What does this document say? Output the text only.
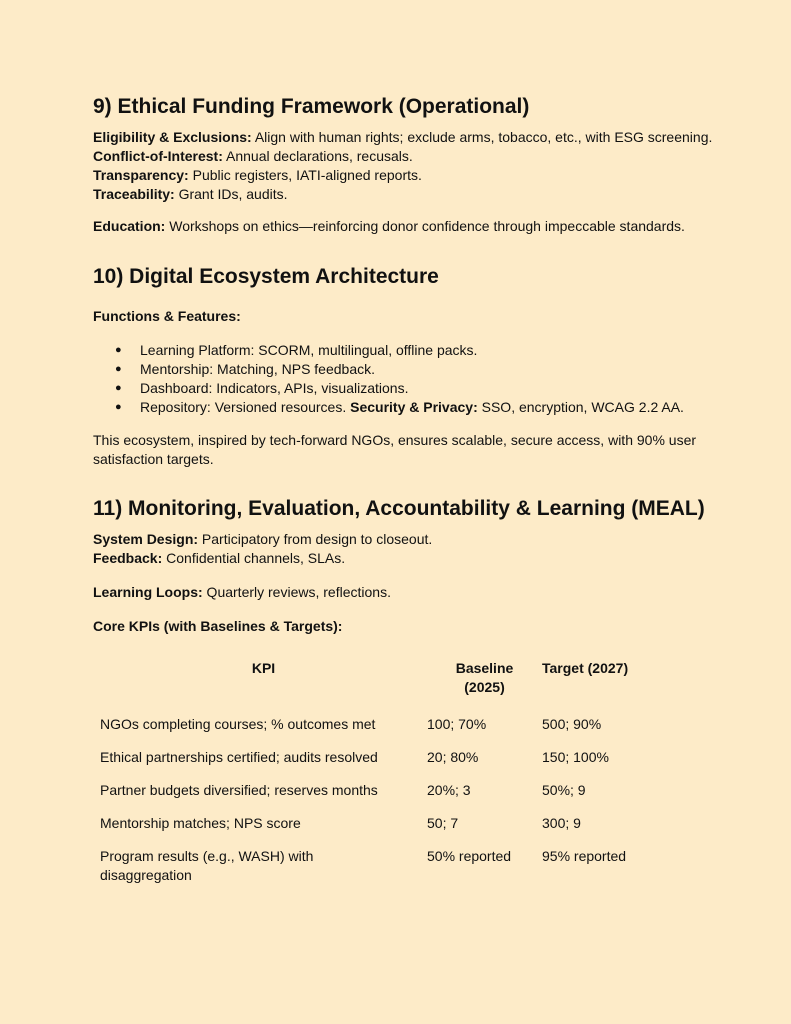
9) Ethical Funding Framework (Operational)

Eligibility & Exclusions: Align with human rights; exclude arms, tobacco, etc., with ESG screening.

Conflict-of-Interest: Annual declarations, recusals.

Transparency: Public registers, IATI-aligned reports.

Traceability: Grant IDs, audits.

Education: Workshops on ethics—reinforcing donor confidence through impeccable standards.

10) Digital Ecosystem Architecture

Functions & Features:

● Learning Platform: SCORM, multilingual, offline packs.
● Mentorship: Matching, NPS feedback.
● Dashboard: Indicators, APIs, visualizations.
● Repository: Versioned resources. Security & Privacy: SSO, encryption, WCAG 2.2 AA.

This ecosystem, inspired by tech-forward NGOs, ensures scalable, secure access, with 90% user satisfaction targets.

11) Monitoring, Evaluation, Accountability & Learning (MEAL)

System Design: Participatory from design to closeout.

Feedback: Confidential channels, SLAs.

Learning Loops: Quarterly reviews, reflections.

Core KPIs (with Baselines & Targets):

KPI	Baseline (2025)	Target (2027)
NGOs completing courses; % outcomes met	100; 70%	500; 90%
Ethical partnerships certified; audits resolved	20; 80%	150; 100%
Partner budgets diversified; reserves months	20%; 3	50%; 9
Mentorship matches; NPS score	50; 7	300; 9
Program results (e.g., WASH) with disaggregation	50% reported	95% reported
